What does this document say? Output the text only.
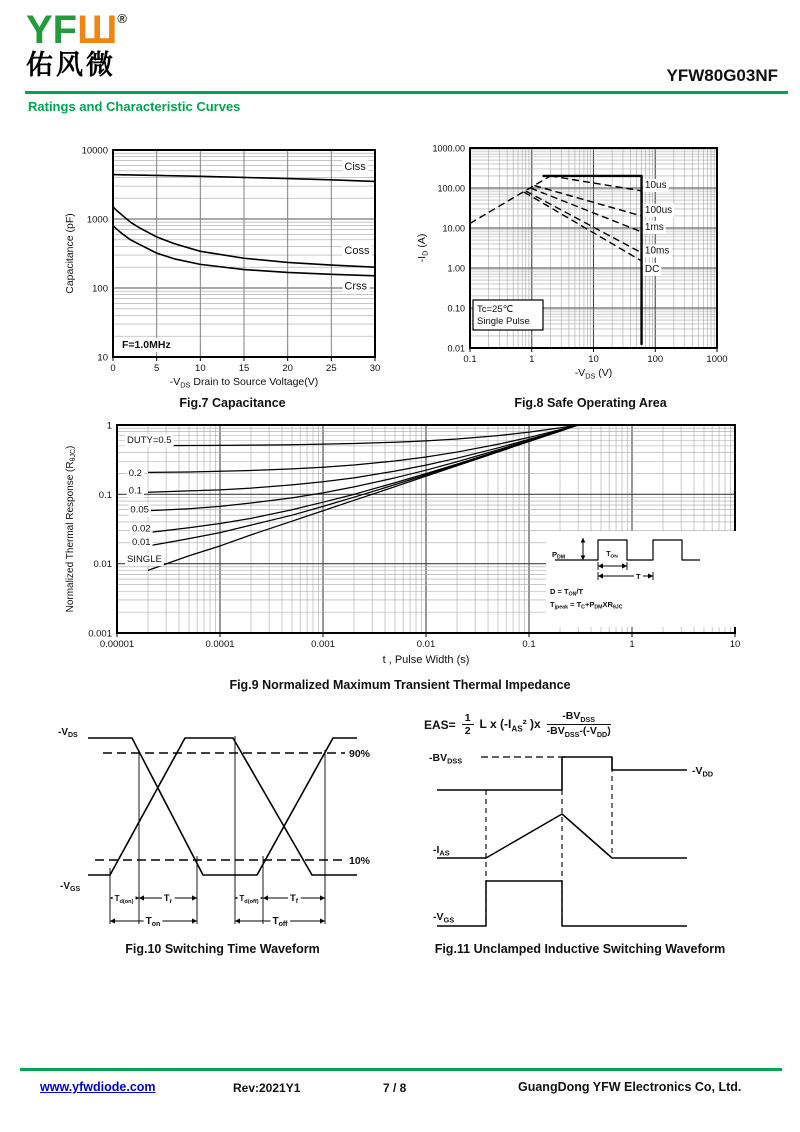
YFШ®
佑风微	YFW80G03NF
Ratings and Characteristic Curves
0	5	10	15	20	25	30
10
100
1000
10000
$-V_{DS}$ Drain to Source Voltage(V)
Capacitance (pF)
Ciss
Coss
Crss
F=1.0MHz
0.1	1	10	100	1000
1000.00
100.00
10.00
1.00
0.10
0.01
$-V_{DS}$ (V)
$-I_D$ (A)
10us
100us
1ms
10ms
DC
Tc=25℃
Single Pulse
Fig.7 Capacitance	Fig.8 Safe Operating Area
0.00001	0.0001	0.001	0.01	0.1	1	10
1
0.1
0.01
0.001
t , Pulse Width (s)
Normalized Thermal Response $(R_{\theta JC})$
DUTY=0.5
0.2
0.1
0.05
0.02
0.01
SINGLE	$P_{DM}$	$T_{ON}$
T
$D = T_{ON}/T$
$T_{jpeak} = T_C+P_{DM}XR_{\theta JC}$
Fig.9 Normalized Maximum Transient Thermal Impedance
$-V_{DS}$
$-V_{GS}$
90%
10%
$T_{d(on)}$	$T_r$	$T_{d(off)}$	$T_f$
$T_{on}$	$T_{off}$
$EAS= \frac{1}{2}$ L x ($-I_{AS}^2$ )$x \frac{-BV_{DSS}}{-BV_{DSS}-(-V_{DD})}$
$-BV_{DSS}$
$-V_{DD}$
$-I_{AS}$
$-V_{GS}$
Fig.10 Switching Time Waveform	Fig.11 Unclamped Inductive Switching Waveform
www.yfwdiode.com	Rev:2021Y1	7 / 8	GuangDong YFW Electronics Co, Ltd.
